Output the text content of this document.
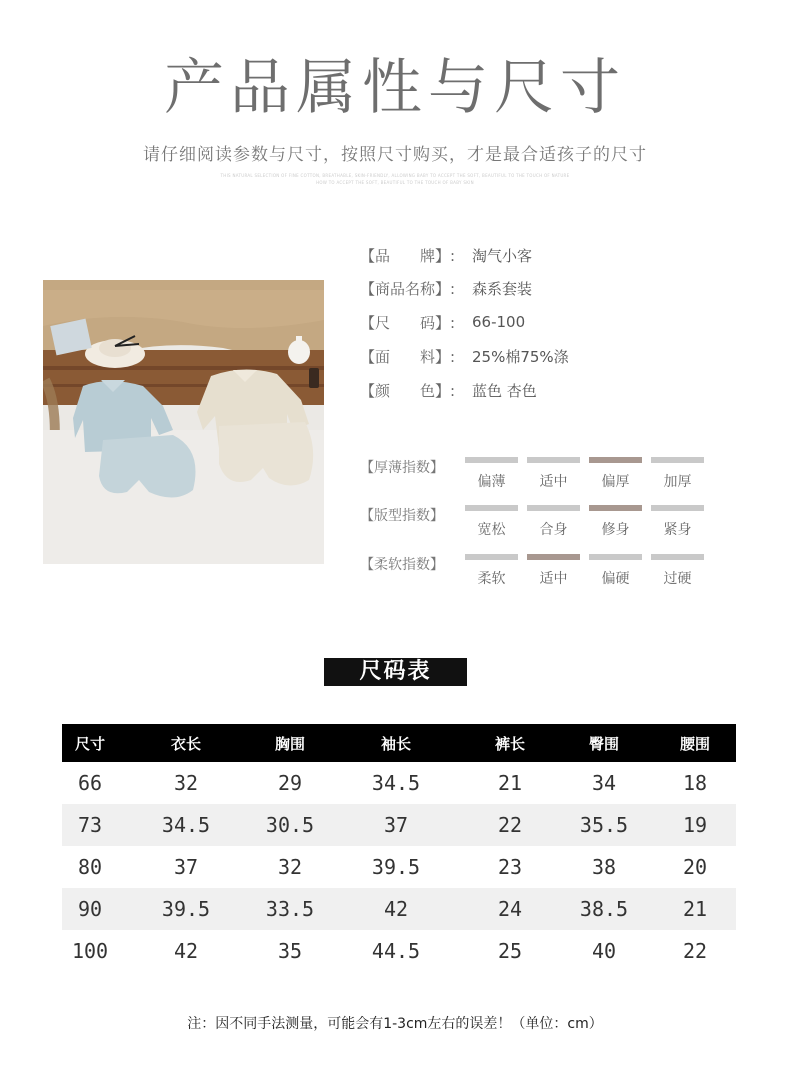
产品属性与尺寸
请仔细阅读参数与尺寸，按照尺寸购买，才是最合适孩子的尺寸
THIS NATURAL SELECTION OF FINE COTTON, BREATHABLE, SKIN-FRIENDLY, ALLOWING BABY TO ACCEPT THE SOFT, BEAUTIFUL TO THE TOUCH OF NATURE
HOW TO ACCEPT THE SOFT, BEAUTIFUL TO THE TOUCH OF BABY SKIN
【品　　牌】:	淘气小客
【商品名称】:	森系套装
【尺　　码】:	66-100
【面　　料】:	25%棉75%涤
【颜　　色】:	蓝色 杏色
【厚薄指数】
偏薄 适中 偏厚 加厚
【版型指数】
宽松 合身 修身 紧身
【柔软指数】
柔软 适中 偏硬 过硬
尺码表
尺寸	衣长	胸围	袖长	裤长	臀围	腰围
66	32	29	34.5	21	34	18
73	34.5	30.5	37	22	35.5	19
80	37	32	39.5	23	38	20
90	39.5	33.5	42	24	38.5	21
100	42	35	44.5	25	40	22
注：因不同手法测量，可能会有1-3cm左右的误差！（单位：cm）
